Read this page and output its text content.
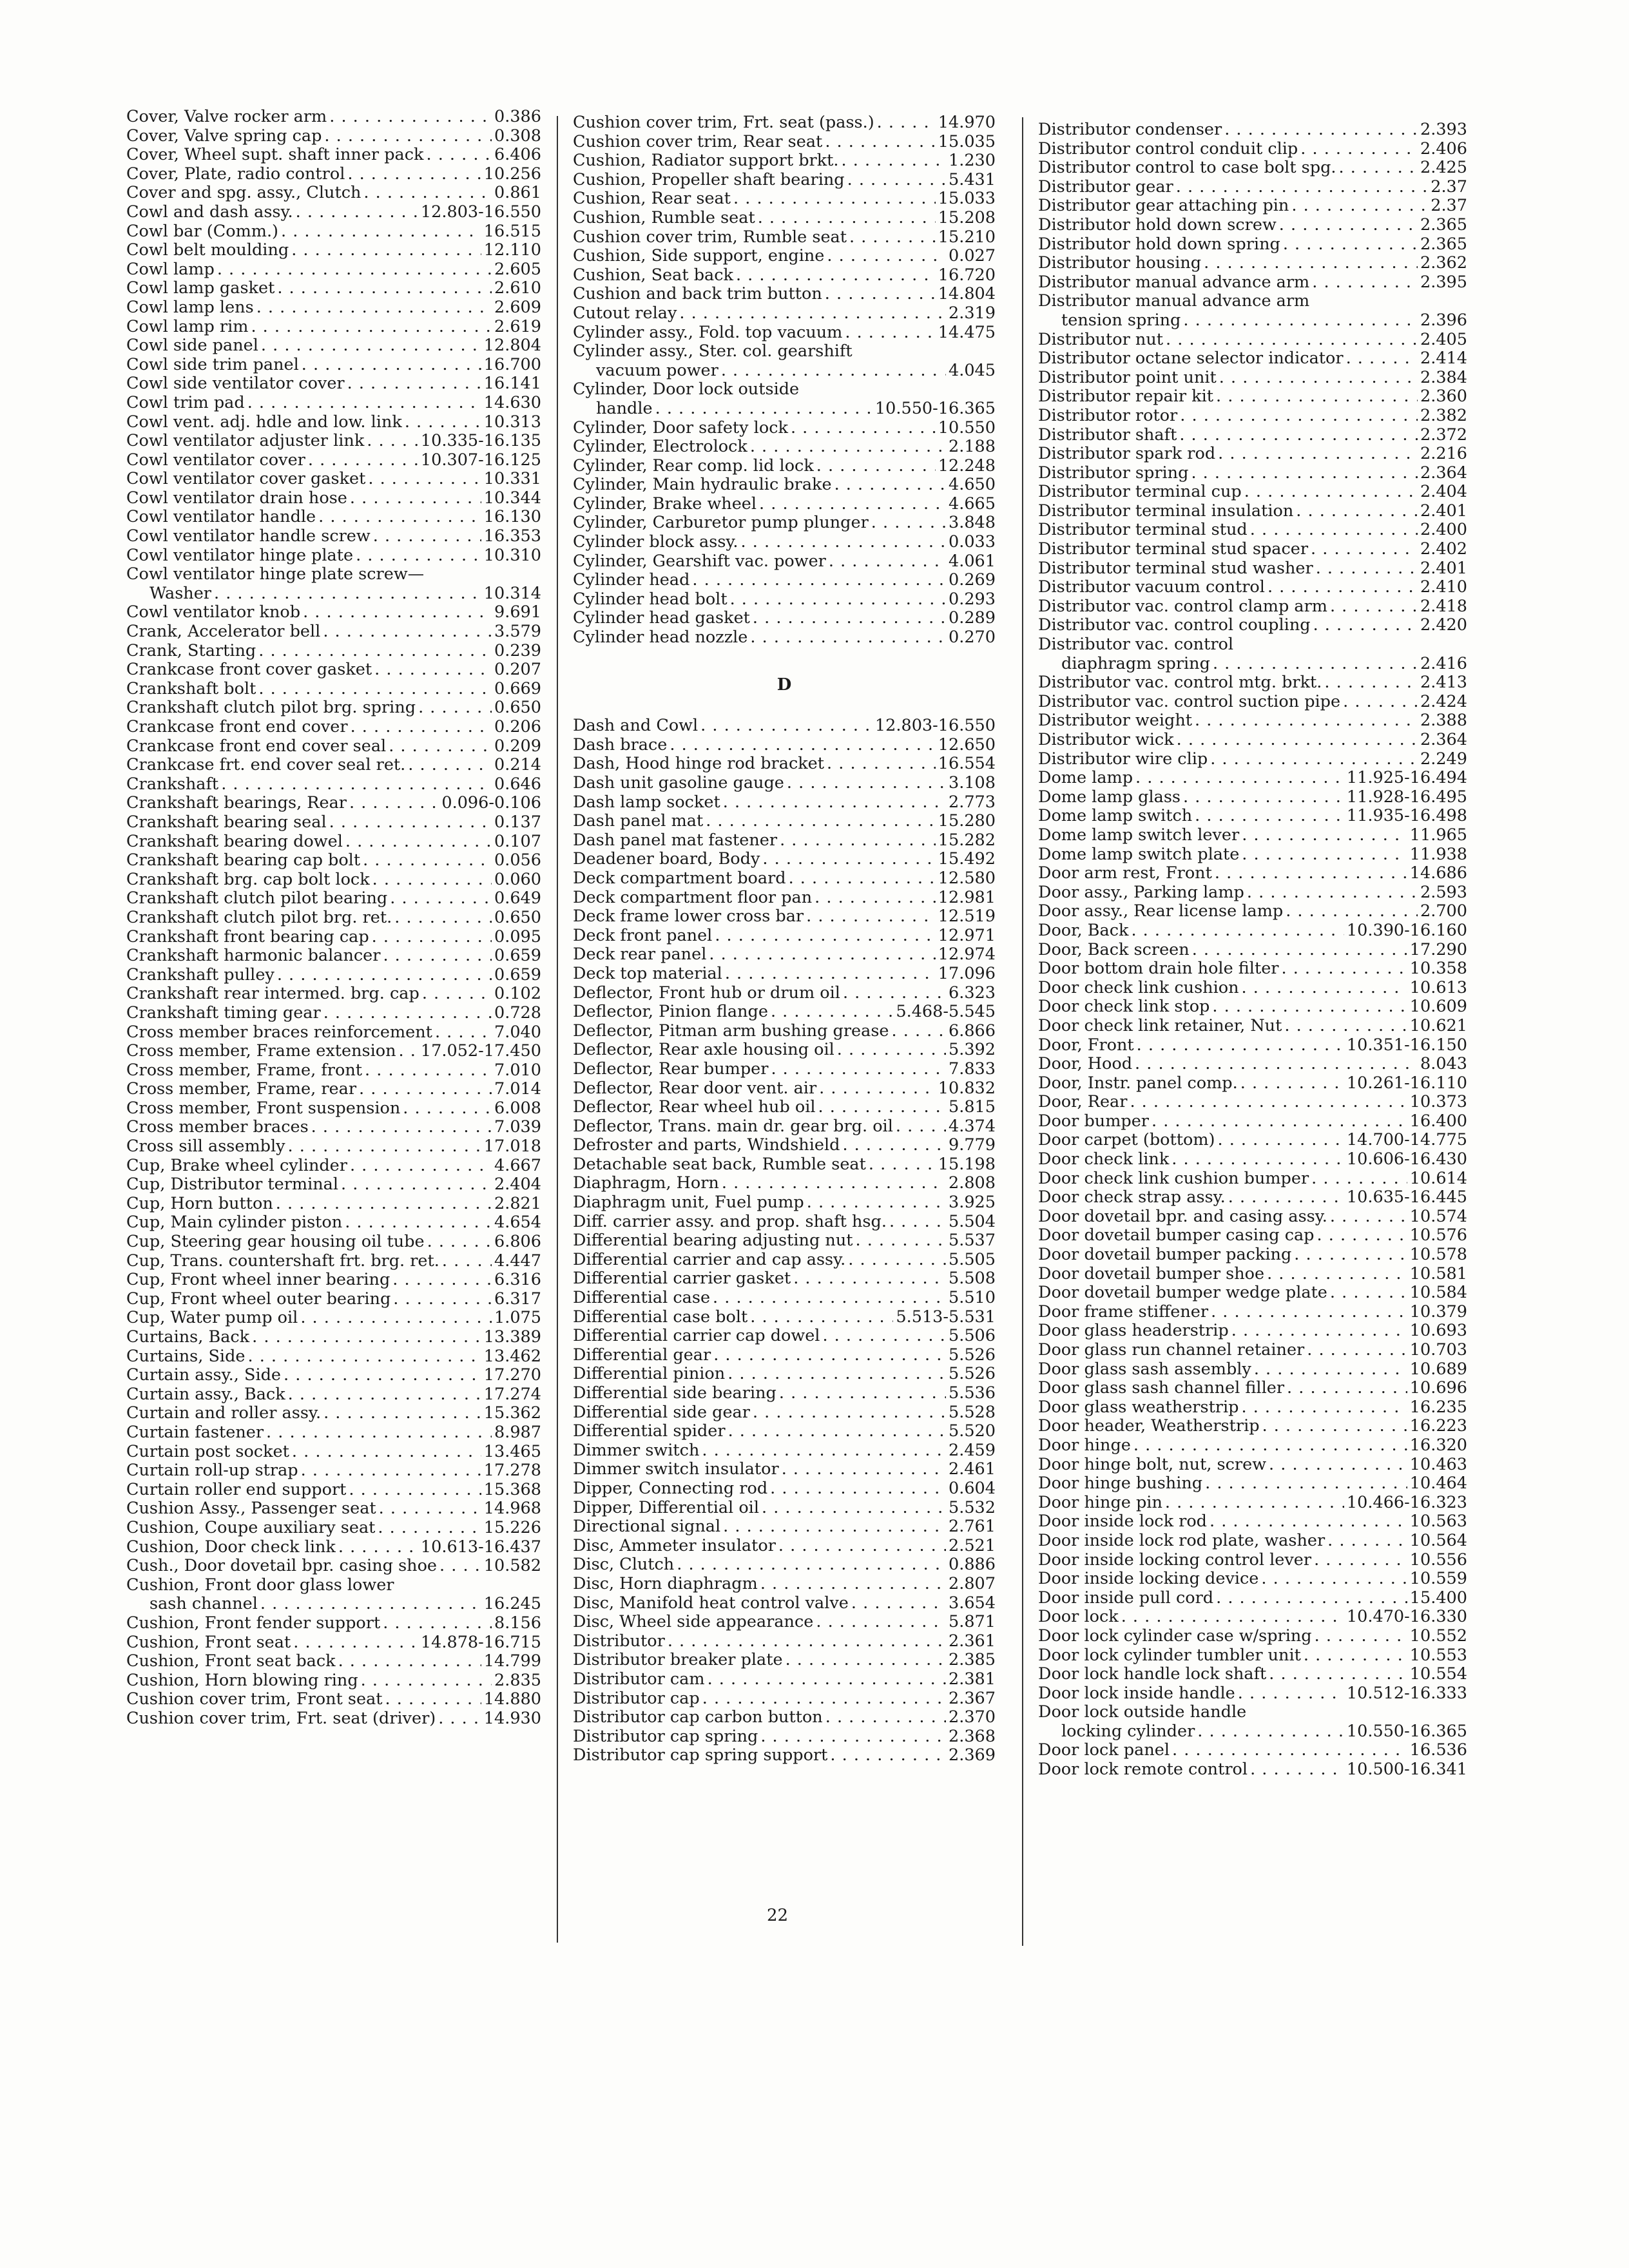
Cover, Valve rocker arm . . .	0.386
Cover, Valve spring cap . . .	0.308
Cover, Wheel supt. shaft inner pack . . .	6.406
Cover, Plate, radio control . . .	10.256
Cover and spg. assy., Clutch . . .	0.861
Cowl and dash assy. . . .	12.803-16.550
Cowl bar (Comm.) . . .	16.515
Cowl belt moulding . . .	12.110
Cowl lamp . . .	2.605
Cowl lamp gasket . . .	2.610
Cowl lamp lens . . .	2.609
Cowl lamp rim . . .	2.619
Cowl side panel . . .	12.804
Cowl side trim panel . . .	16.700
Cowl side ventilator cover . . .	16.141
Cowl trim pad . . .	14.630
Cowl vent. adj. hdle and low. link . . .	10.313
Cowl ventilator adjuster link . . .	10.335-16.135
Cowl ventilator cover . . .	10.307-16.125
Cowl ventilator cover gasket . . .	10.331
Cowl ventilator drain hose . . .	10.344
Cowl ventilator handle . . .	16.130
Cowl ventilator handle screw . . .	16.353
Cowl ventilator hinge plate . . .	10.310
Cowl ventilator hinge plate screw—
Washer . . .	10.314
Cowl ventilator knob . . .	9.691
Crank, Accelerator bell . . .	3.579
Crank, Starting . . .	0.239
Crankcase front cover gasket . . .	0.207
Crankshaft bolt . . .	0.669
Crankshaft clutch pilot brg. spring . . .	0.650
Crankcase front end cover . . .	0.206
Crankcase front end cover seal . . .	0.209
Crankcase frt. end cover seal ret. . . .	0.214
Crankshaft . . .	0.646
Crankshaft bearings, Rear . . .	0.096-0.106
Crankshaft bearing seal . . .	0.137
Crankshaft bearing dowel . . .	0.107
Crankshaft bearing cap bolt . . .	0.056
Crankshaft brg. cap bolt lock . . .	0.060
Crankshaft clutch pilot bearing . . .	0.649
Crankshaft clutch pilot brg. ret. . . .	0.650
Crankshaft front bearing cap . . .	0.095
Crankshaft harmonic balancer . . .	0.659
Crankshaft pulley . . .	0.659
Crankshaft rear intermed. brg. cap . . .	0.102
Crankshaft timing gear . . .	0.728
Cross member braces reinforcement . . .	7.040
Cross member, Frame extension . . . 17.052-17.450
Cross member, Frame, front . . .	7.010
Cross member, Frame, rear . . .	7.014
Cross member, Front suspension . . .	6.008
Cross member braces . . .	7.039
Cross sill assembly . . .	17.018
Cup, Brake wheel cylinder . . .	4.667
Cup, Distributor terminal . . .	2.404
Cup, Horn button . . .	2.821
Cup, Main cylinder piston . . .	4.654
Cup, Steering gear housing oil tube . . .	6.806
Cup, Trans. countershaft frt. brg. ret. . . .	4.447
Cup, Front wheel inner bearing . . .	6.316
Cup, Front wheel outer bearing . . .	6.317
Cup, Water pump oil . . .	1.075
Curtains, Back . . .	13.389
Curtains, Side . . .	13.462
Curtain assy., Side . . .	17.270
Curtain assy., Back . . .	17.274
Curtain and roller assy. . . .	15.362
Curtain fastener . . .	8.987
Curtain post socket . . .	13.465
Curtain roll-up strap . . .	17.278
Curtain roller end support . . .	15.368
Cushion Assy., Passenger seat . . .	14.968
Cushion, Coupe auxiliary seat . . .	15.226
Cushion, Door check link . . .	10.613-16.437
Cush., Door dovetail bpr. casing shoe . . .	10.582
Cushion, Front door glass lower
sash channel . . .	16.245
Cushion, Front fender support . . .	8.156
Cushion, Front seat . . .	14.878-16.715
Cushion, Front seat back . . .	14.799
Cushion, Horn blowing ring . . .	2.835
Cushion cover trim, Front seat . . .	14.880
Cushion cover trim, Frt. seat (driver) . . .	14.930
Cushion cover trim, Frt. seat (pass.) . . .	14.970
Cushion cover trim, Rear seat . . .	15.035
Cushion, Radiator support brkt. . . .	1.230
Cushion, Propeller shaft bearing . . .	5.431
Cushion, Rear seat . . .	15.033
Cushion, Rumble seat . . .	15.208
Cushion cover trim, Rumble seat . . .	15.210
Cushion, Side support, engine . . .	0.027
Cushion, Seat back . . .	16.720
Cushion and back trim button . . .	14.804
Cutout relay . . .	2.319
Cylinder assy., Fold. top vacuum . . .	14.475
Cylinder assy., Ster. col. gearshift
vacuum power . . .	4.045
Cylinder, Door lock outside
handle . . .	10.550-16.365
Cylinder, Door safety lock . . .	10.550
Cylinder, Electrolock . . .	2.188
Cylinder, Rear comp. lid lock . . .	12.248
Cylinder, Main hydraulic brake . . .	4.650
Cylinder, Brake wheel . . .	4.665
Cylinder, Carburetor pump plunger . . .	3.848
Cylinder block assy. . . .	0.033
Cylinder, Gearshift vac. power . . .	4.061
Cylinder head . . .	0.269
Cylinder head bolt . . .	0.293
Cylinder head gasket . . .	0.289
Cylinder head nozzle . . .	0.270
D
Dash and Cowl . . .	12.803-16.550
Dash brace . . .	12.650
Dash, Hood hinge rod bracket . . .	16.554
Dash unit gasoline gauge . . .	3.108
Dash lamp socket . . .	2.773
Dash panel mat . . .	15.280
Dash panel mat fastener . . .	15.282
Deadener board, Body . . .	15.492
Deck compartment board . . .	12.580
Deck compartment floor pan . . .	12.981
Deck frame lower cross bar . . .	12.519
Deck front panel . . .	12.971
Deck rear panel . . .	12.974
Deck top material . . .	17.096
Deflector, Front hub or drum oil . . .	6.323
Deflector, Pinion flange . . .	5.468-5.545
Deflector, Pitman arm bushing grease . . .	6.866
Deflector, Rear axle housing oil . . .	5.392
Deflector, Rear bumper . . .	7.833
Deflector, Rear door vent. air . . .	10.832
Deflector, Rear wheel hub oil . . .	5.815
Deflector, Trans. main dr. gear brg. oil . . .	4.374
Defroster and parts, Windshield . . .	9.779
Detachable seat back, Rumble seat . . .	15.198
Diaphragm, Horn . . .	2.808
Diaphragm unit, Fuel pump . . .	3.925
Diff. carrier assy. and prop. shaft hsg. . . .	5.504
Differential bearing adjusting nut . . .	5.537
Differential carrier and cap assy. . . .	5.505
Differential carrier gasket . . .	5.508
Differential case . . .	5.510
Differential case bolt . . .	5.513-5.531
Differential carrier cap dowel . . .	5.506
Differential gear . . .	5.526
Differential pinion . . .	5.526
Differential side bearing . . .	5.536
Differential side gear . . .	5.528
Differential spider . . .	5.520
Dimmer switch . . .	2.459
Dimmer switch insulator . . .	2.461
Dipper, Connecting rod . . .	0.604
Dipper, Differential oil . . .	5.532
Directional signal . . .	2.761
Disc, Ammeter insulator . . .	2.521
Disc, Clutch . . .	0.886
Disc, Horn diaphragm . . .	2.807
Disc, Manifold heat control valve . . .	3.654
Disc, Wheel side appearance . . .	5.871
Distributor . . .	2.361
Distributor breaker plate . . .	2.385
Distributor cam . . .	2.381
Distributor cap . . .	2.367
Distributor cap carbon button . . .	2.370
Distributor cap spring . . .	2.368
Distributor cap spring support . . .	2.369
Distributor condenser . . .	2.393
Distributor control conduit clip . . .	2.406
Distributor control to case bolt spg. . . .	2.425
Distributor gear . . .	2.37
Distributor gear attaching pin . . .	2.37
Distributor hold down screw . . .	2.365
Distributor hold down spring . . .	2.365
Distributor housing . . .	2.362
Distributor manual advance arm . . .	2.395
Distributor manual advance arm
tension spring . . .	2.396
Distributor nut . . .	2.405
Distributor octane selector indicator . . .	2.414
Distributor point unit . . .	2.384
Distributor repair kit . . .	2.360
Distributor rotor . . .	2.382
Distributor shaft . . .	2.372
Distributor spark rod . . .	2.216
Distributor spring . . .	2.364
Distributor terminal cup . . .	2.404
Distributor terminal insulation . . .	2.401
Distributor terminal stud . . .	2.400
Distributor terminal stud spacer . . .	2.402
Distributor terminal stud washer . . .	2.401
Distributor vacuum control . . .	2.410
Distributor vac. control clamp arm . . .	2.418
Distributor vac. control coupling . . .	2.420
Distributor vac. control
diaphragm spring . . .	2.416
Distributor vac. control mtg. brkt. . . .	2.413
Distributor vac. control suction pipe . . .	2.424
Distributor weight . . .	2.388
Distributor wick . . .	2.364
Distributor wire clip . . .	2.249
Dome lamp . . .	11.925-16.494
Dome lamp glass . . .	11.928-16.495
Dome lamp switch . . .	11.935-16.498
Dome lamp switch lever . . .	11.965
Dome lamp switch plate . . .	11.938
Door arm rest, Front . . .	14.686
Door assy., Parking lamp . . .	2.593
Door assy., Rear license lamp . . .	2.700
Door, Back . . .	10.390-16.160
Door, Back screen . . .	17.290
Door bottom drain hole filter . . .	10.358
Door check link cushion . . .	10.613
Door check link stop . . .	10.609
Door check link retainer, Nut . . .	10.621
Door, Front . . .	10.351-16.150
Door, Hood . . .	8.043
Door, Instr. panel comp. . . .	10.261-16.110
Door, Rear . . .	10.373
Door bumper . . .	16.400
Door carpet (bottom) . . .	14.700-14.775
Door check link . . .	10.606-16.430
Door check link cushion bumper . . .	10.614
Door check strap assy. . . .	10.635-16.445
Door dovetail bpr. and casing assy. . . .	10.574
Door dovetail bumper casing cap . . .	10.576
Door dovetail bumper packing . . .	10.578
Door dovetail bumper shoe . . .	10.581
Door dovetail bumper wedge plate . . .	10.584
Door frame stiffener . . .	10.379
Door glass headerstrip . . .	10.693
Door glass run channel retainer . . .	10.703
Door glass sash assembly . . .	10.689
Door glass sash channel filler . . .	10.696
Door glass weatherstrip . . .	16.235
Door header, Weatherstrip . . .	16.223
Door hinge . . .	16.320
Door hinge bolt, nut, screw . . .	10.463
Door hinge bushing . . .	10.464
Door hinge pin . . .	10.466-16.323
Door inside lock rod . . .	10.563
Door inside lock rod plate, washer . . .	10.564
Door inside locking control lever . . .	10.556
Door inside locking device . . .	10.559
Door inside pull cord . . .	15.400
Door lock . . .	10.470-16.330
Door lock cylinder case w/spring . . .	10.552
Door lock cylinder tumbler unit . . .	10.553
Door lock handle lock shaft . . .	10.554
Door lock inside handle . . .	10.512-16.333
Door lock outside handle
locking cylinder . . .	10.550-16.365
Door lock panel . . .	16.536
Door lock remote control . . .	10.500-16.341
22
